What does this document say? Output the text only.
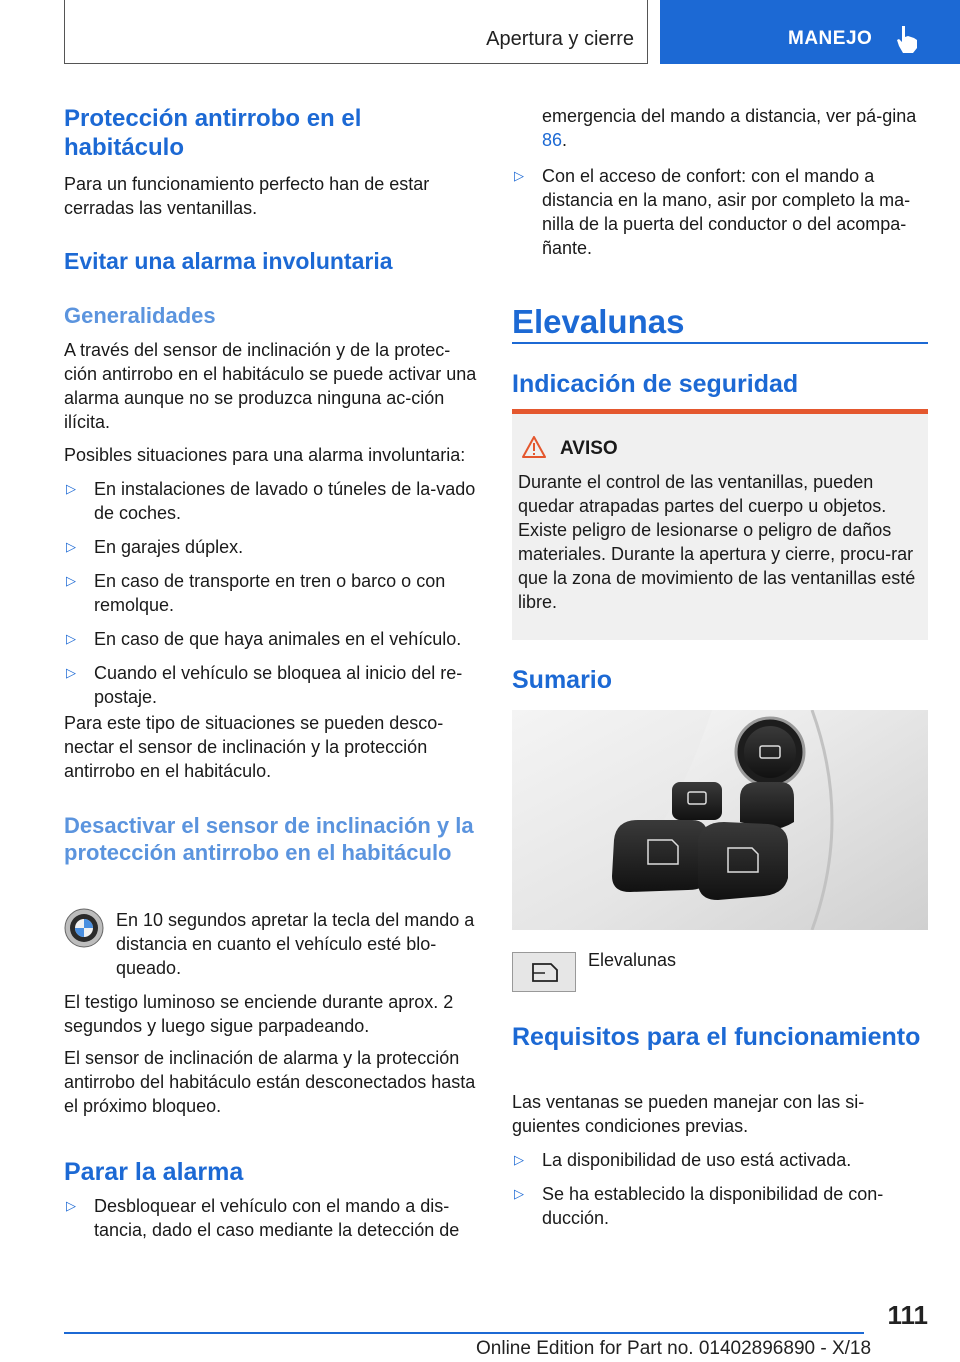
Apertura y cierre	MANEJO

Protección antirrobo en el habitáculo

Para un funcionamiento perfecto han de estar cerradas las ventanillas.

Evitar una alarma involuntaria

Generalidades

A través del sensor de inclinación y de la protec-ción antirrobo en el habitáculo se puede activar una alarma aunque no se produzca ninguna ac-ción ilícita.

Posibles situaciones para una alarma involuntaria:

▷ En instalaciones de lavado o túneles de la-vado de coches.
▷ En garajes dúplex.
▷ En caso de transporte en tren o barco o con remolque.
▷ En caso de que haya animales en el vehículo.
▷ Cuando el vehículo se bloquea al inicio del re-postaje.

Para este tipo de situaciones se pueden desco-nectar el sensor de inclinación y la protección antirrobo en el habitáculo.

Desactivar el sensor de inclinación y la protección antirrobo en el habitáculo

En 10 segundos apretar la tecla del mando a distancia en cuanto el vehículo esté blo-queado.

El testigo luminoso se enciende durante aprox. 2 segundos y luego sigue parpadeando.

El sensor de inclinación de alarma y la protección antirrobo del habitáculo están desconectados hasta el próximo bloqueo.

Parar la alarma

▷ Desbloquear el vehículo con el mando a dis-tancia, dado el caso mediante la detección de
emergencia del mando a distancia, ver pá-gina 86.
▷ Con el acceso de confort: con el mando a distancia en la mano, asir por completo la ma-nilla de la puerta del conductor o del acompa-ñante.

Elevalunas

Indicación de seguridad

AVISO

Durante el control de las ventanillas, pueden quedar atrapadas partes del cuerpo u objetos. Existe peligro de lesionarse o peligro de daños materiales. Durante la apertura y cierre, procu-rar que la zona de movimiento de las ventanillas esté libre.

Sumario

Elevalunas

Requisitos para el funcionamiento

Las ventanas se pueden manejar con las si-guientes condiciones previas.

▷ La disponibilidad de uso está activada.
▷ Se ha establecido la disponibilidad de con-ducción.
111
Online Edition for Part no. 01402896890 - X/18
